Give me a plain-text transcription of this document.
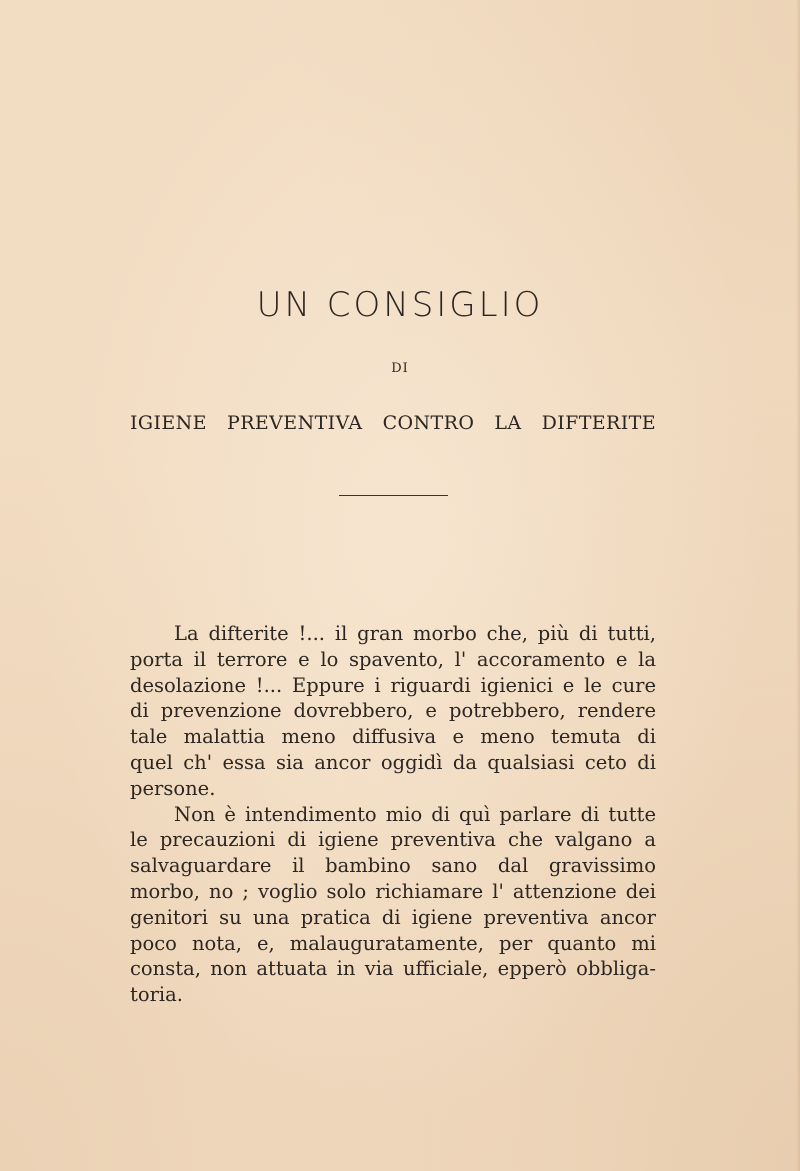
UN CONSIGLIO
DI
IGIENE PREVENTIVA CONTRO LA DIFTERITE
La difterite !... il gran morbo che, più di tutti,
porta il terrore e lo spavento, l' accoramento e la
desolazione !... Eppure i riguardi igienici e le cure
di prevenzione dovrebbero, e potrebbero, rendere
tale malattia meno diffusiva e meno temuta di
quel ch' essa sia ancor oggidì da qualsiasi ceto di
persone.
Non è intendimento mio di quì parlare di tutte
le precauzioni di igiene preventiva che valgano a
salvaguardare il bambino sano dal gravissimo
morbo, no ; voglio solo richiamare l' attenzione dei
genitori su una pratica di igiene preventiva ancor
poco nota, e, malauguratamente, per quanto mi
consta, non attuata in via ufficiale, epperò obbliga-
toria.
